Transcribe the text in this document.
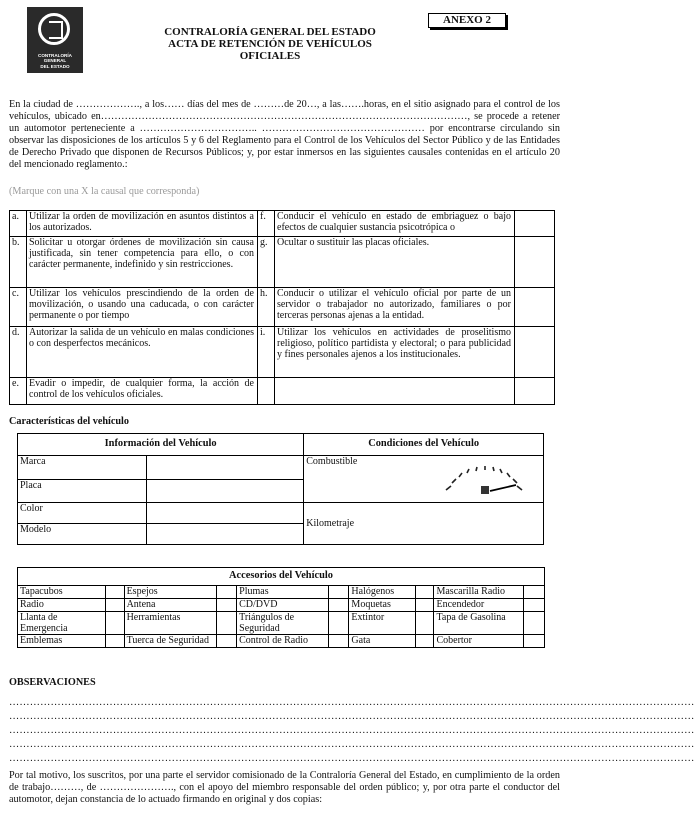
CONTRALORÍA
GENERAL
DEL ESTADO
ANEXO 2
CONTRALORÍA GENERAL DEL ESTADO
ACTA DE RETENCIÓN DE VEHÍCULOS
OFICIALES
En la ciudad de ………………., a los…… días del mes de ………de 20…, a las…….horas, en el sitio asignado para el control de los vehículos, ubicado en………………………………………………………………………………………………, se procede a retener un automotor perteneciente a …………………………….. ………………………………………… por encontrarse circulando sin observar las disposiciones de los artículos 5 y 6 del Reglamento para el Control de los Vehículos del Sector Público y de las Entidades de Derecho Privado que disponen de Recursos Públicos; y, por estar inmersos en las siguientes causales contenidas en el artículo 20 del mencionado reglamento.:
(Marque con una X la causal que corresponda)
a.	Utilizar la orden de movilización en asuntos distintos a los autorizados.	f.	Conducir el vehículo en estado de embriaguez o bajo efectos de cualquier sustancia psicotrópica o	
b.	Solicitar u otorgar órdenes de movilización sin causa justificada, sin tener competencia para ello, o con carácter permanente, indefinido y sin restricciones.	g.	Ocultar o sustituir las placas oficiales.	
c.	Utilizar los vehículos prescindiendo de la orden de movilización, o usando una caducada, o con carácter permanente o por tiempo	h.	Conducir o utilizar el vehículo oficial por parte de un servidor o trabajador no autorizado, familiares o por terceras personas ajenas a la entidad.	
d.	Autorizar la salida de un vehículo en malas condiciones o con desperfectos mecánicos.	i.	Utilizar los vehículos en actividades de proselitismo religioso, político partidista y electoral; o para publicidad y fines personales ajenos a los institucionales.	
e.	Evadir o impedir, de cualquier forma, la acción de control de los vehículos oficiales.			
Características del vehículo
Información del Vehículo		Condiciones del Vehículo
Marca		Combustible

Placa		
Color		Kilometraje
Modelo		
Accesorios del Vehículo									
Tapacubos		Espejos		Plumas		Halógenos		Mascarilla Radio	
Radio		Antena		CD/DVD		Moquetas		Encendedor	
Llanta de Emergencia		Herramientas		Triángulos de Seguridad		Extintor		Tapa de Gasolina	
Emblemas		Tuerca de Seguridad		Control de Radio		Gata		Cobertor	
OBSERVACIONES
………………………………………………………………………………………………………………………………………………………………………………
………………………………………………………………………………………………………………………………………………………………………………
………………………………………………………………………………………………………………………………………………………………………………
………………………………………………………………………………………………………………………………………………………………………………
………………………………………………………………………………………………………………………………………………………………………………
Por tal motivo, los suscritos, por una parte el servidor comisionado de la Contraloría General del Estado, en cumplimiento de la orden de trabajo………, de …………………., con el apoyo del miembro responsable del orden público; y, por otra parte el conductor del automotor, dejan constancia de lo actuado firmando en original y dos copias:
